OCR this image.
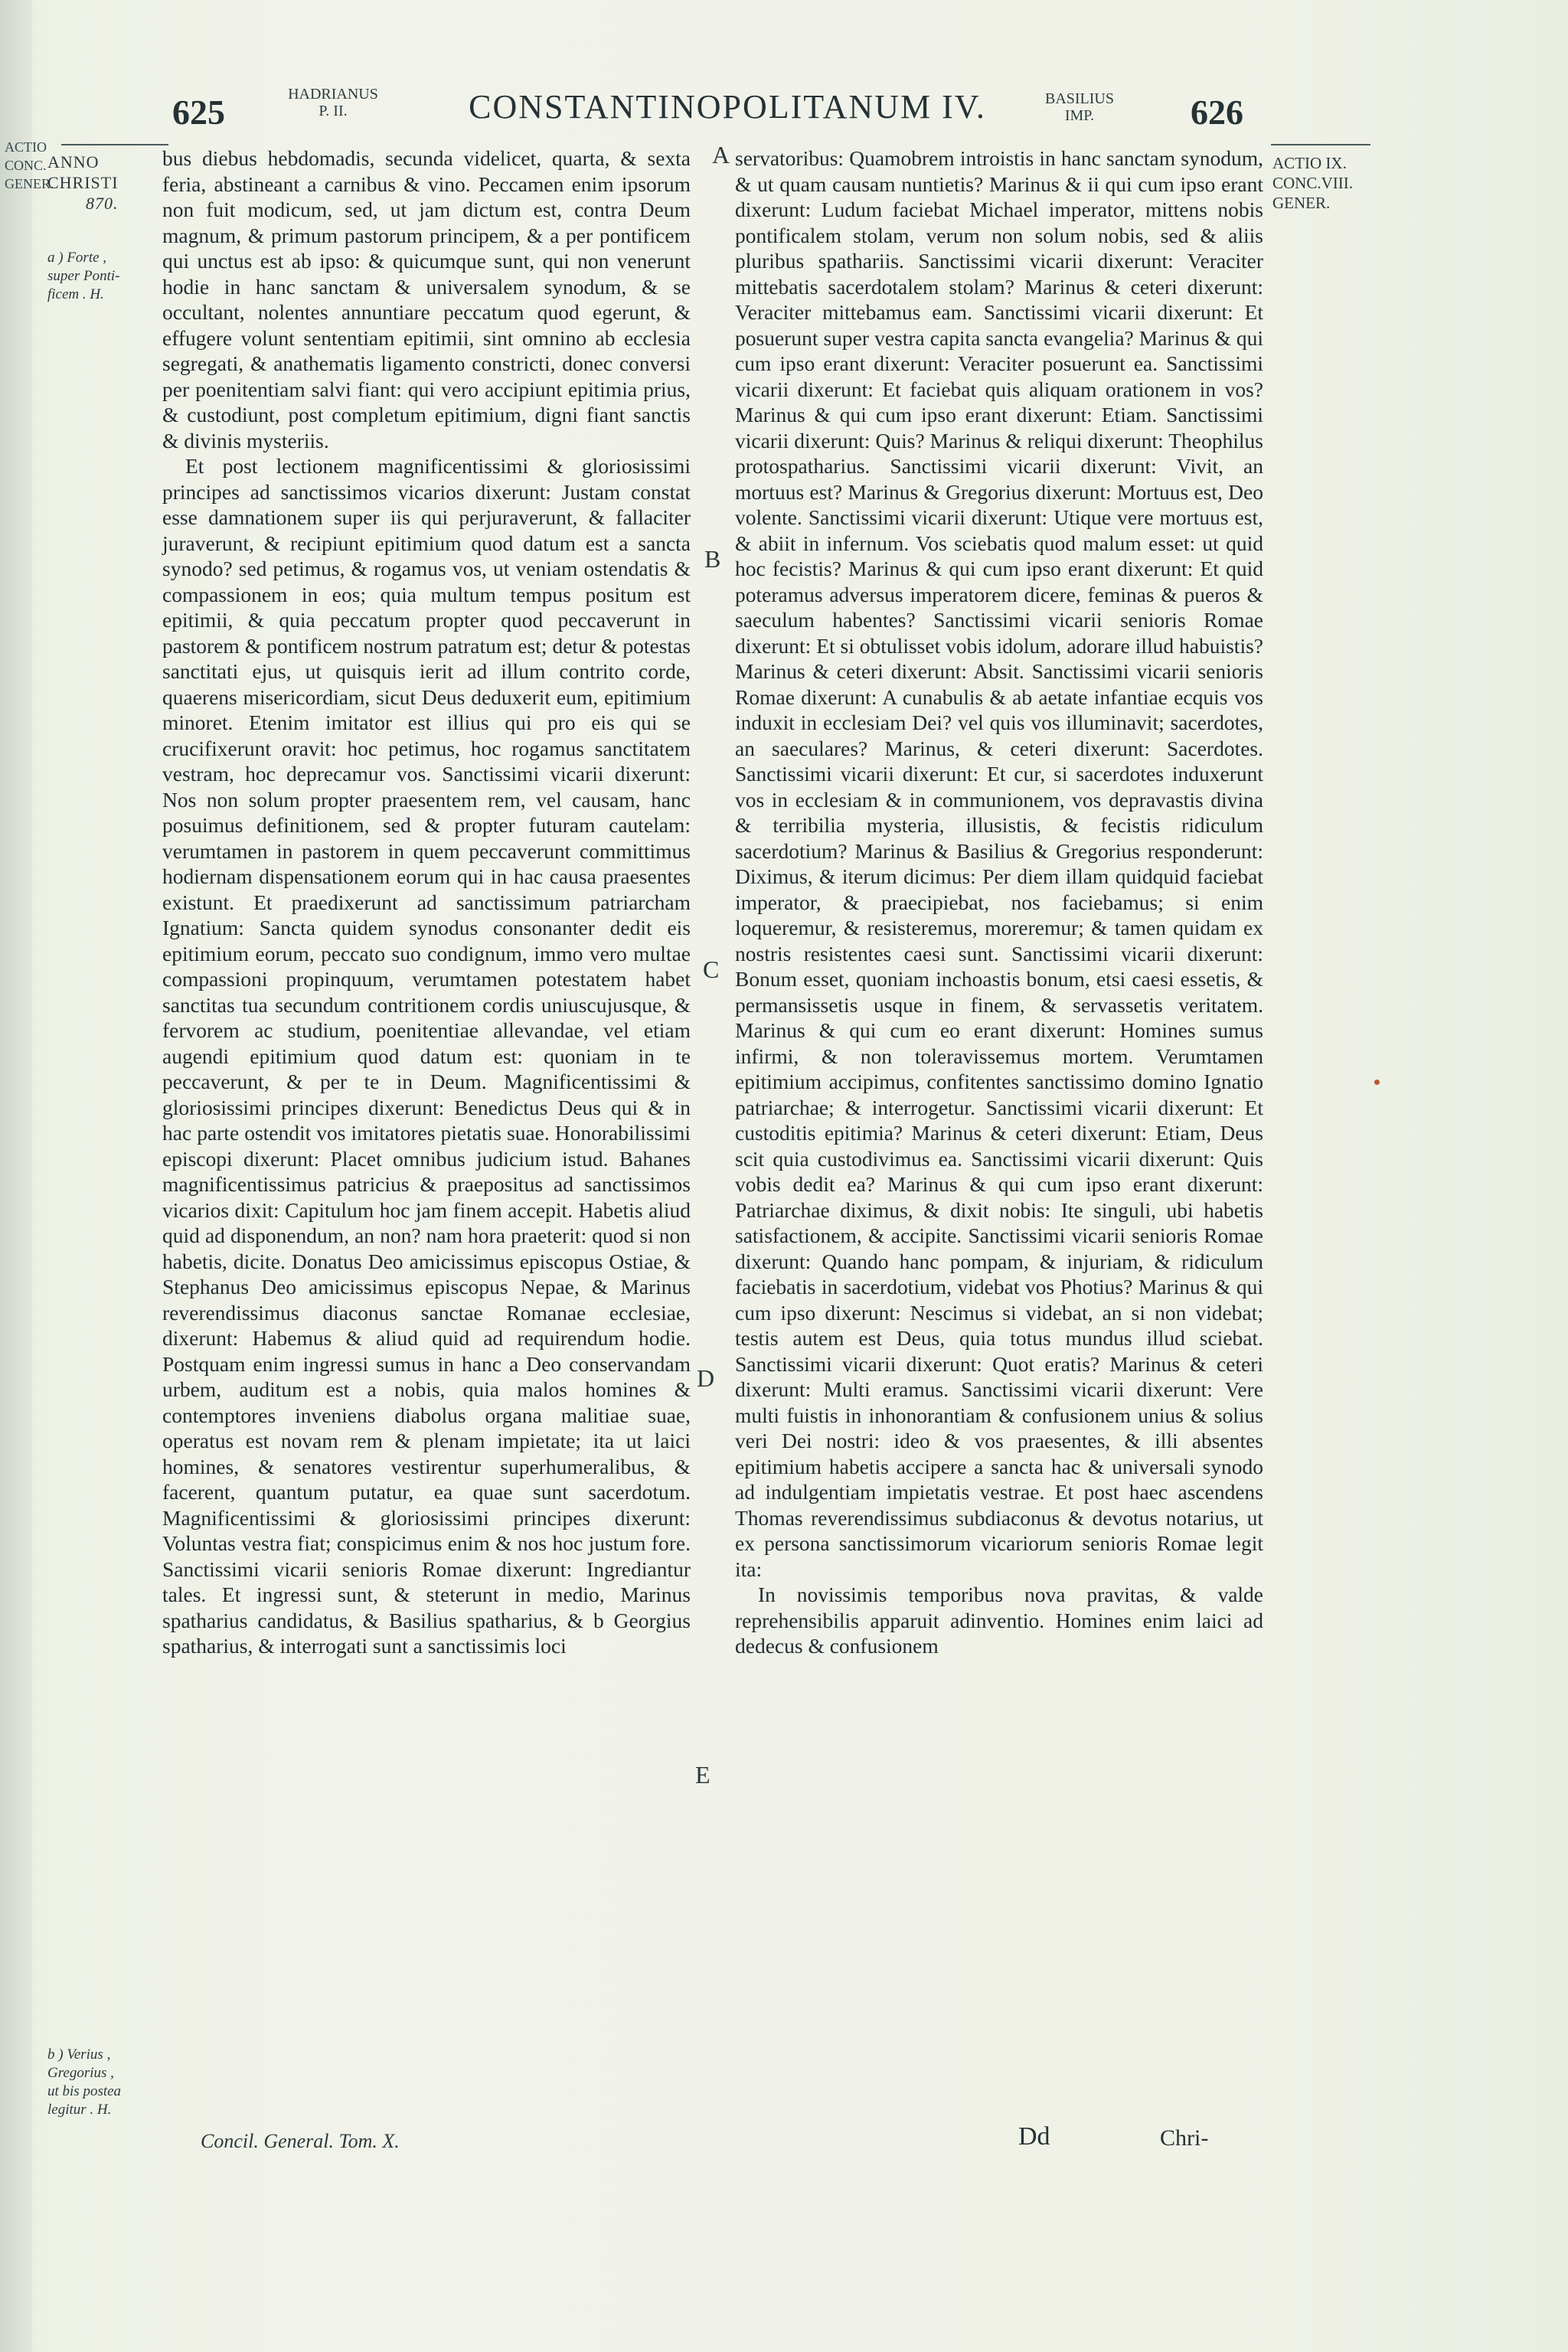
ACTIO CONC. GENER.
625	HADRIANUS
P. II.	CONSTANTINOPOLITANUM IV.	BASILIUS
IMP.	626
ANNO
CHRISTI
870.
a ) Forte ,
super Ponti-
ficem . H.
b ) Verius ,
Gregorius ,
ut bis postea
legitur . H.
ACTIO IX.
CONC.VIII.
GENER.

bus diebus hebdomadis, secunda videlicet, quarta, & sexta feria, abstineant a carnibus & vino. Peccamen enim ipsorum non fuit modicum, sed, ut jam dictum est, contra Deum magnum, & primum pastorum principem, & a per pontificem qui unctus est ab ipso: & quicumque sunt, qui non venerunt hodie in hanc sanctam & universalem synodum, & se occultant, nolentes annuntiare peccatum quod egerunt, & effugere volunt sententiam epitimii, sint omnino ab ecclesia segregati, & anathematis ligamento constricti, donec conversi per poenitentiam salvi fiant: qui vero accipiunt epitimia prius, & custodiunt, post completum epitimium, digni fiant sanctis & divinis mysteriis.

Et post lectionem magnificentissimi & gloriosissimi principes ad sanctissimos vicarios dixerunt: Justam constat esse damnationem super iis qui perjuraverunt, & fallaciter juraverunt, & recipiunt epitimium quod datum est a sancta synodo? sed petimus, & rogamus vos, ut veniam ostendatis & compassionem in eos; quia multum tempus positum est epitimii, & quia peccatum propter quod peccaverunt in pastorem & pontificem nostrum patratum est; detur & potestas sanctitati ejus, ut quisquis ierit ad illum contrito corde, quaerens misericordiam, sicut Deus deduxerit eum, epitimium minoret. Etenim imitator est illius qui pro eis qui se crucifixerunt oravit: hoc petimus, hoc rogamus sanctitatem vestram, hoc deprecamur vos. Sanctissimi vicarii dixerunt: Nos non solum propter praesentem rem, vel causam, hanc posuimus definitionem, sed & propter futuram cautelam: verumtamen in pastorem in quem peccaverunt committimus hodiernam dispensationem eorum qui in hac causa praesentes existunt. Et praedixerunt ad sanctissimum patriarcham Ignatium: Sancta quidem synodus consonanter dedit eis epitimium eorum, peccato suo condignum, immo vero multae compassioni propinquum, verumtamen potestatem habet sanctitas tua secundum contritionem cordis uniuscujusque, & fervorem ac studium, poenitentiae allevandae, vel etiam augendi epitimium quod datum est: quoniam in te peccaverunt, & per te in Deum. Magnificentissimi & gloriosissimi principes dixerunt: Benedictus Deus qui & in hac parte ostendit vos imitatores pietatis suae. Honorabilissimi episcopi dixerunt: Placet omnibus judicium istud. Bahanes magnificentissimus patricius & praepositus ad sanctissimos vicarios dixit: Capitulum hoc jam finem accepit. Habetis aliud quid ad disponendum, an non? nam hora praeterit: quod si non habetis, dicite. Donatus Deo amicissimus episcopus Ostiae, & Stephanus Deo amicissimus episcopus Nepae, & Marinus reverendissimus diaconus sanctae Romanae ecclesiae, dixerunt: Habemus & aliud quid ad requirendum hodie. Postquam enim ingressi sumus in hanc a Deo conservandam urbem, auditum est a nobis, quia malos homines & contemptores inveniens diabolus organa malitiae suae, operatus est novam rem & plenam impietate; ita ut laici homines, & senatores vestirentur superhumeralibus, & facerent, quantum putatur, ea quae sunt sacerdotum. Magnificentissimi & gloriosissimi principes dixerunt: Voluntas vestra fiat; conspicimus enim & nos hoc justum fore. Sanctissimi vicarii senioris Romae dixerunt: Ingrediantur tales. Et ingressi sunt, & steterunt in medio, Marinus spatharius candidatus, & Basilius spatharius, & b Georgius spatharius, & interrogati sunt a sanctissimis loci

Concil. General. Tom. X.
A
B
C
D
E

servatoribus: Quamobrem introistis in hanc sanctam synodum, & ut quam causam nuntietis? Marinus & ii qui cum ipso erant dixerunt: Ludum faciebat Michael imperator, mittens nobis pontificalem stolam, verum non solum nobis, sed & aliis pluribus spathariis. Sanctissimi vicarii dixerunt: Veraciter mittebatis sacerdotalem stolam? Marinus & ceteri dixerunt: Veraciter mittebamus eam. Sanctissimi vicarii dixerunt: Et posuerunt super vestra capita sancta evangelia? Marinus & qui cum ipso erant dixerunt: Veraciter posuerunt ea. Sanctissimi vicarii dixerunt: Et faciebat quis aliquam orationem in vos? Marinus & qui cum ipso erant dixerunt: Etiam. Sanctissimi vicarii dixerunt: Quis? Marinus & reliqui dixerunt: Theophilus protospatharius. Sanctissimi vicarii dixerunt: Vivit, an mortuus est? Marinus & Gregorius dixerunt: Mortuus est, Deo volente. Sanctissimi vicarii dixerunt: Utique vere mortuus est, & abiit in infernum. Vos sciebatis quod malum esset: ut quid hoc fecistis? Marinus & qui cum ipso erant dixerunt: Et quid poteramus adversus imperatorem dicere, feminas & pueros & saeculum habentes? Sanctissimi vicarii senioris Romae dixerunt: Et si obtulisset vobis idolum, adorare illud habuistis? Marinus & ceteri dixerunt: Absit. Sanctissimi vicarii senioris Romae dixerunt: A cunabulis & ab aetate infantiae ecquis vos induxit in ecclesiam Dei? vel quis vos illuminavit; sacerdotes, an saeculares? Marinus, & ceteri dixerunt: Sacerdotes. Sanctissimi vicarii dixerunt: Et cur, si sacerdotes induxerunt vos in ecclesiam & in communionem, vos depravastis divina & terribilia mysteria, illusistis, & fecistis ridiculum sacerdotium? Marinus & Basilius & Gregorius responderunt: Diximus, & iterum dicimus: Per diem illam quidquid faciebat imperator, & praecipiebat, nos faciebamus; si enim loqueremur, & resisteremus, moreremur; & tamen quidam ex nostris resistentes caesi sunt. Sanctissimi vicarii dixerunt: Bonum esset, quoniam inchoastis bonum, etsi caesi essetis, & permansissetis usque in finem, & servassetis veritatem. Marinus & qui cum eo erant dixerunt: Homines sumus infirmi, & non toleravissemus mortem. Verumtamen epitimium accipimus, confitentes sanctissimo domino Ignatio patriarchae; & interrogetur. Sanctissimi vicarii dixerunt: Et custoditis epitimia? Marinus & ceteri dixerunt: Etiam, Deus scit quia custodivimus ea. Sanctissimi vicarii dixerunt: Quis vobis dedit ea? Marinus & qui cum ipso erant dixerunt: Patriarchae diximus, & dixit nobis: Ite singuli, ubi habetis satisfactionem, & accipite. Sanctissimi vicarii senioris Romae dixerunt: Quando hanc pompam, & injuriam, & ridiculum faciebatis in sacerdotium, videbat vos Photius? Marinus & qui cum ipso dixerunt: Nescimus si videbat, an si non videbat; testis autem est Deus, quia totus mundus illud sciebat. Sanctissimi vicarii dixerunt: Quot eratis? Marinus & ceteri dixerunt: Multi eramus. Sanctissimi vicarii dixerunt: Vere multi fuistis in inhonorantiam & confusionem unius & solius veri Dei nostri: ideo & vos praesentes, & illi absentes epitimium habetis accipere a sancta hac & universali synodo ad indulgentiam impietatis vestrae. Et post haec ascendens Thomas reverendissimus subdiaconus & devotus notarius, ut ex persona sanctissimorum vicariorum senioris Romae legit ita:

In novissimis temporibus nova pravitas, & valde reprehensibilis apparuit adinventio. Homines enim laici ad dedecus & confusionem

Dd	Chri-
